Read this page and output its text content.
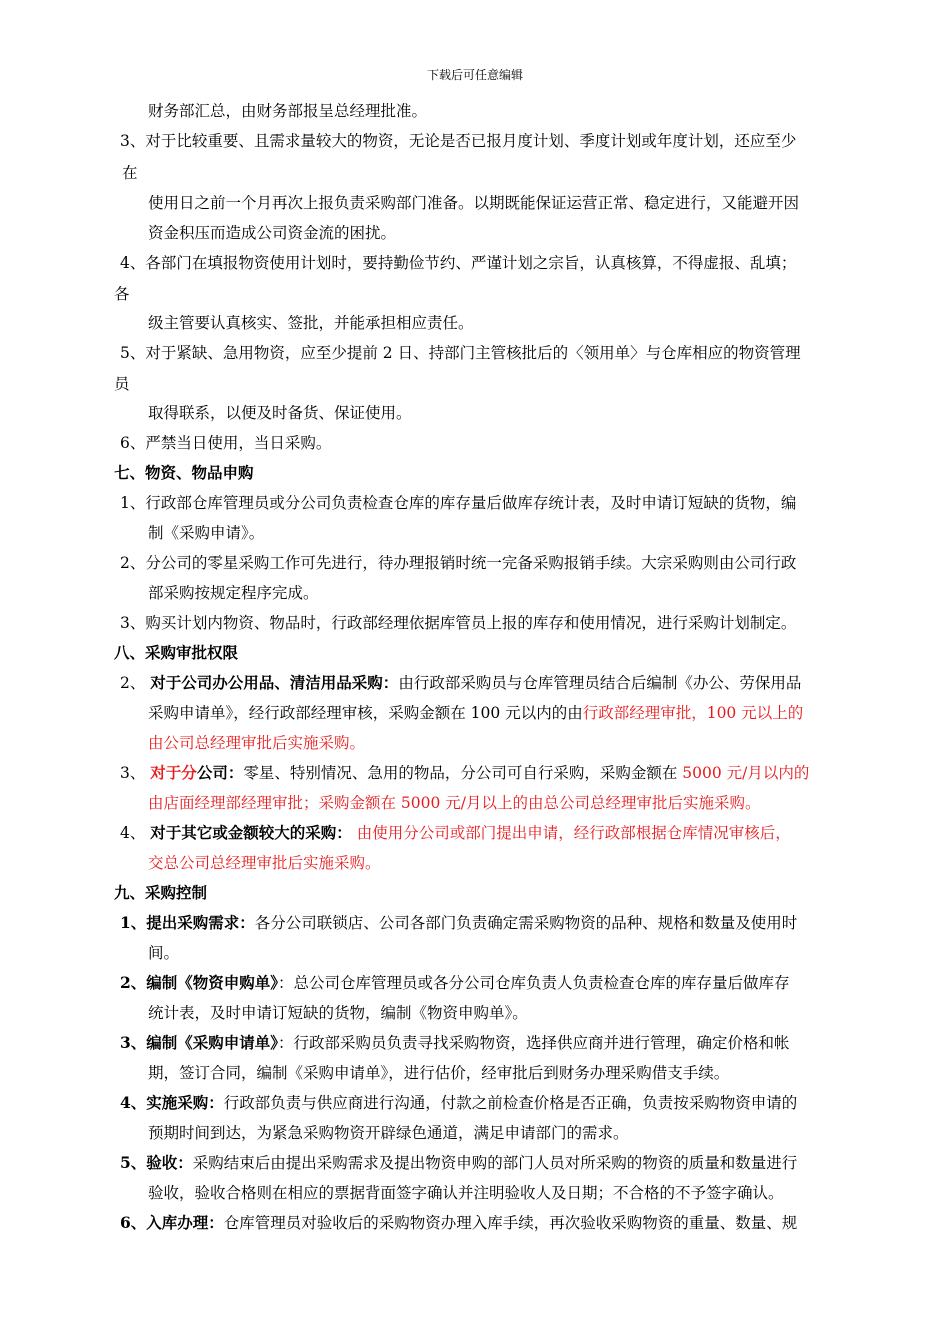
下载后可任意编辑
财务部汇总，由财务部报呈总经理批准。
3、对于比较重要、且需求量较大的物资，无论是否已报月度计划、季度计划或年度计划，还应至少
在
使用日之前一个月再次上报负责采购部门准备。以期既能保证运营正常、稳定进行，又能避开因
资金积压而造成公司资金流的困扰。
4、各部门在填报物资使用计划时，要持勤俭节约、严谨计划之宗旨，认真核算，不得虚报、乱填；
各
级主管要认真核实、签批，并能承担相应责任。
5、对于紧缺、急用物资，应至少提前 2 日、持部门主管核批后的〈领用单〉与仓库相应的物资管理
员
取得联系，以便及时备货、保证使用。
6、严禁当日使用，当日采购。
七、物资、物品申购
1、行政部仓库管理员或分公司负责检查仓库的库存量后做库存统计表，及时申请订短缺的货物，编
制《采购申请》。
2、分公司的零星采购工作可先进行，待办理报销时统一完备采购报销手续。大宗采购则由公司行政
部采购按规定程序完成。
3、购买计划内物资、物品时，行政部经理依据库管员上报的库存和使用情况，进行采购计划制定。
八、采购审批权限
2、 对于公司办公用品、清洁用品采购：由行政部采购员与仓库管理员结合后编制《办公、劳保用品
采购申请单》，经行政部经理审核，采购金额在 100 元以内的由行政部经理审批，100 元以上的
由公司总经理审批后实施采购。
3、 对于分公司：零星、特别情况、急用的物品，分公司可自行采购，采购金额在 5000 元/月以内的
由店面经理部经理审批；采购金额在 5000 元/月以上的由总公司总经理审批后实施采购。
4、 对于其它或金额较大的采购： 由使用分公司或部门提出申请，经行政部根据仓库情况审核后，
交总公司总经理审批后实施采购。
九、采购控制
1、提出采购需求：各分公司联锁店、公司各部门负责确定需采购物资的品种、规格和数量及使用时
间。
2、编制《物资申购单》：总公司仓库管理员或各分公司仓库负责人负责检查仓库的库存量后做库存
统计表，及时申请订短缺的货物，编制《物资申购单》。
3、编制《采购申请单》：行政部采购员负责寻找采购物资，选择供应商并进行管理，确定价格和帐
期，签订合同，编制《采购申请单》，进行估价，经审批后到财务办理采购借支手续。
4、实施采购：行政部负责与供应商进行沟通，付款之前检查价格是否正确，负责按采购物资申请的
预期时间到达，为紧急采购物资开辟绿色通道，满足申请部门的需求。
5、验收：采购结束后由提出采购需求及提出物资申购的部门人员对所采购的物资的质量和数量进行
验收，验收合格则在相应的票据背面签字确认并注明验收人及日期；不合格的不予签字确认。
6、入库办理：仓库管理员对验收后的采购物资办理入库手续，再次验收采购物资的重量、数量、规
